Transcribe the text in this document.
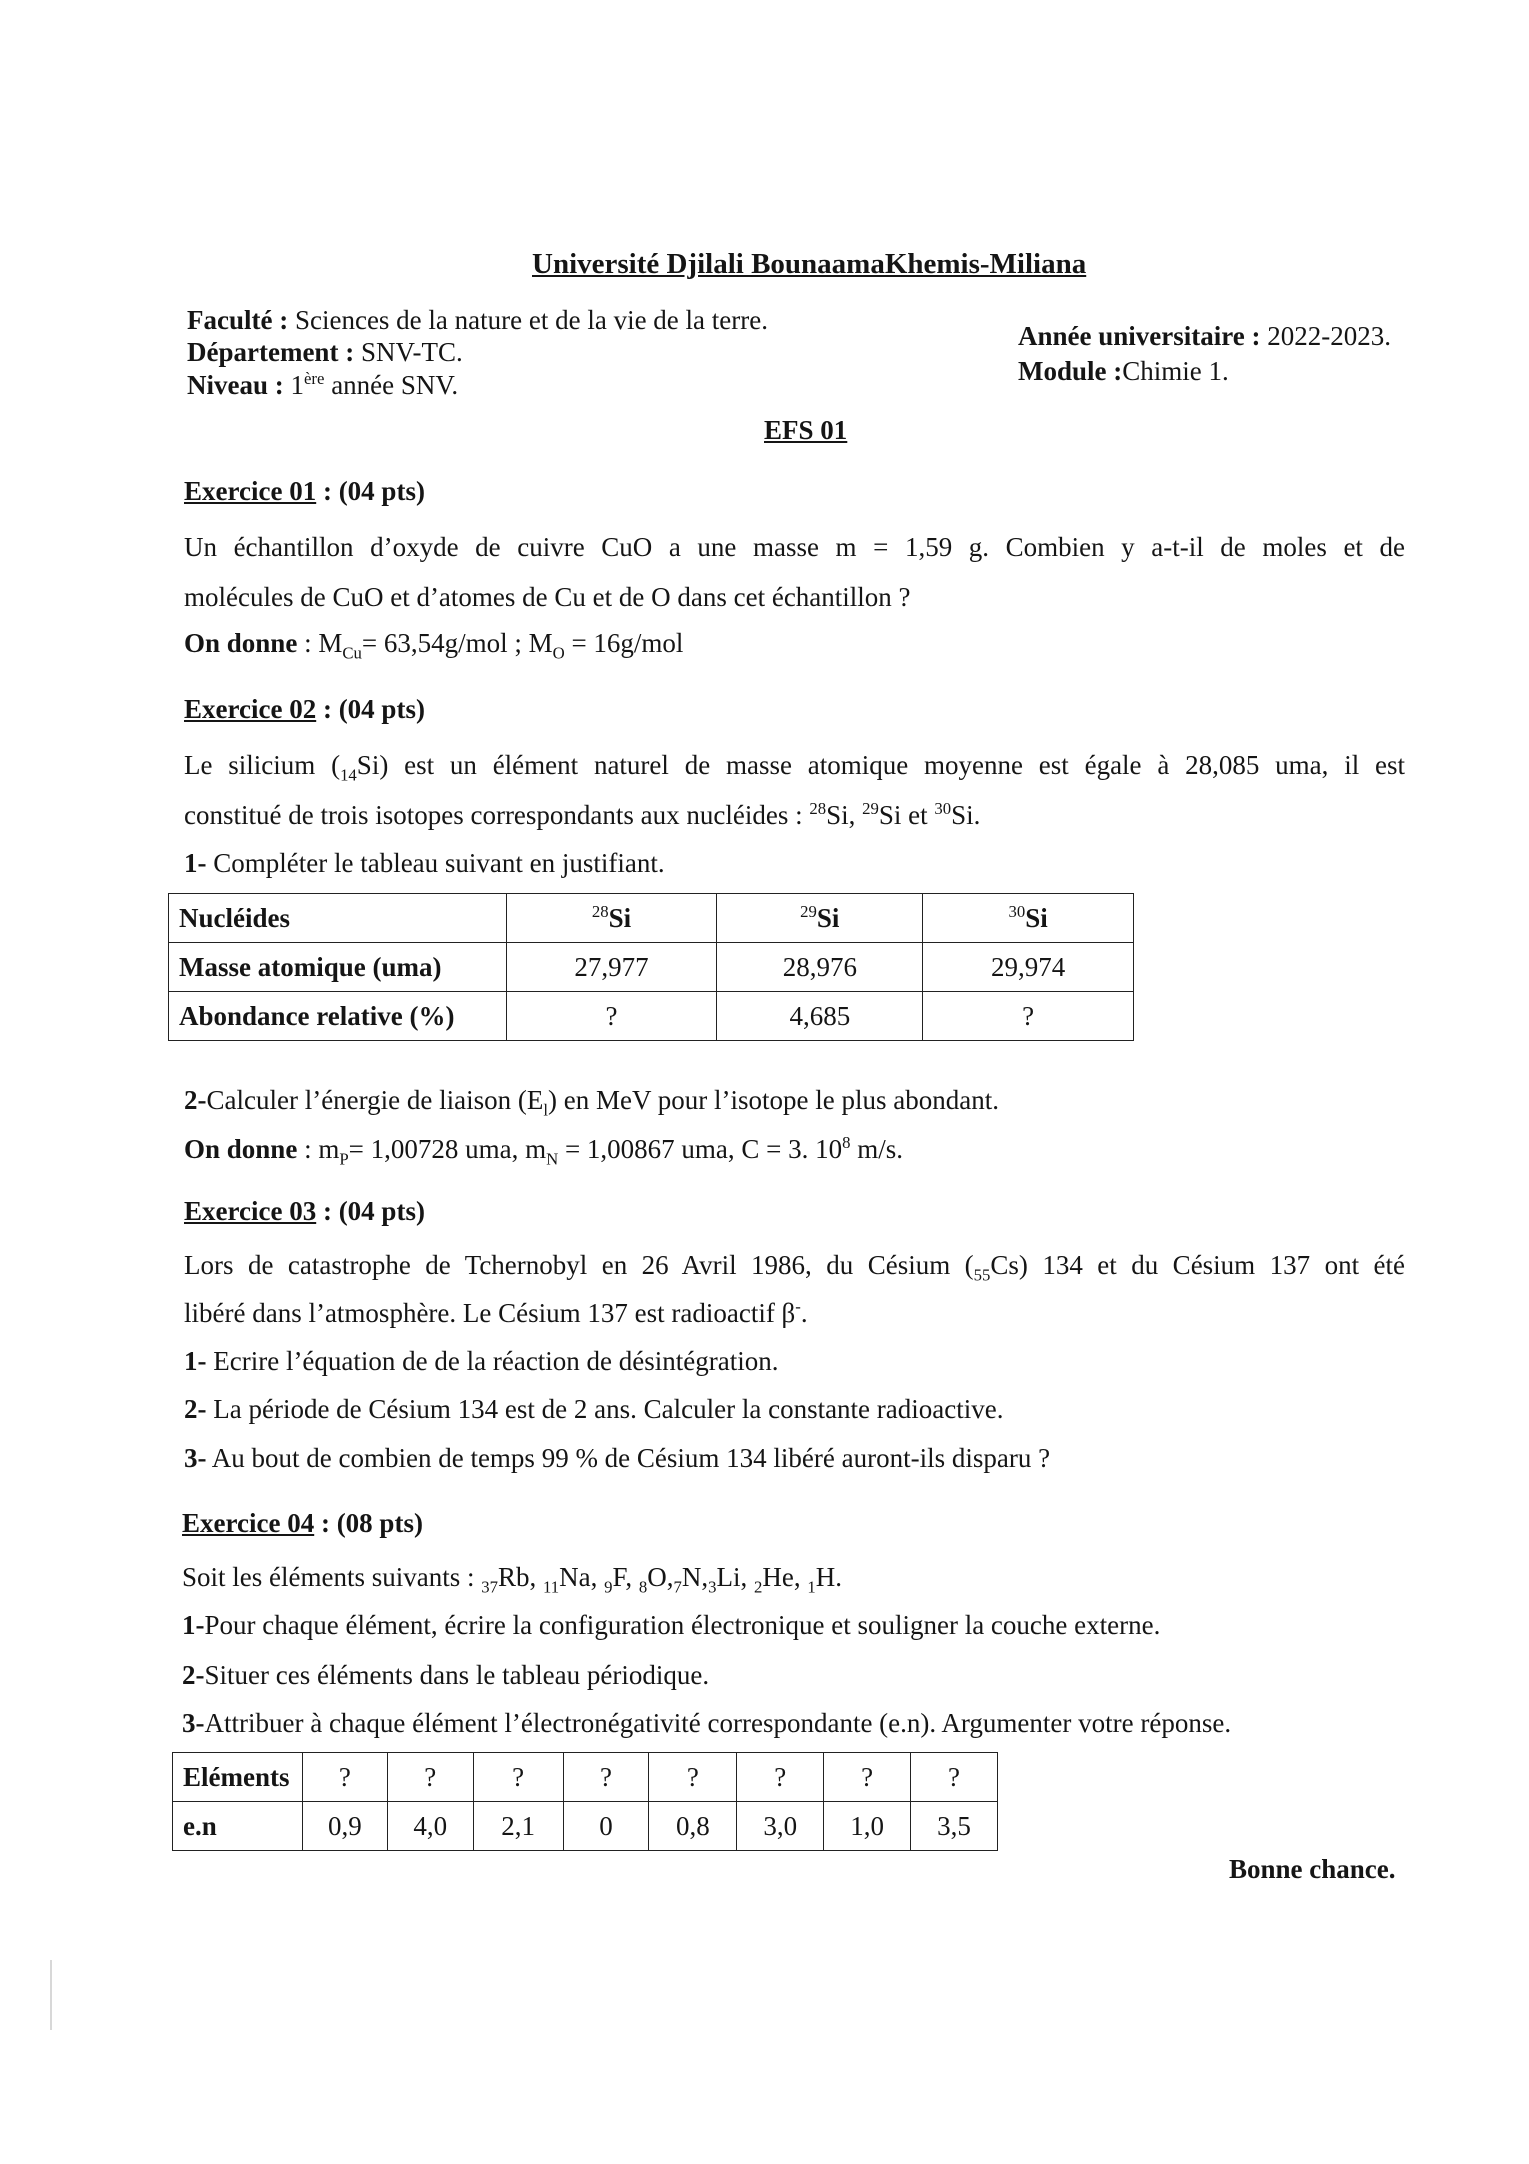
Université Djilali BounaamaKhemis-Miliana
Faculté : Sciences de la nature et de la vie de la terre.
Département : SNV-TC.
Niveau : 1ère année SNV.
Année universitaire : 2022-2023.
Module :Chimie 1.
EFS 01
Exercice 01 : (04 pts)
Un échantillon d’oxyde de cuivre CuO a une masse m = 1,59 g. Combien y a-t-il de moles et de
molécules de CuO et d’atomes de Cu et de O dans cet échantillon ?
On donne : $M_{Cu}= 63,54g/mol$ ; $M_O = 16g/mol$
Exercice 02 : (04 pts)
Le silicium $(_{14}Si)$ est un élément naturel de masse atomique moyenne est égale à 28,085 uma, il est
constitué de trois isotopes correspondants aux nucléides : $^{28}$Si, $^{29}$Si et $^{30}$Si.
1- Compléter le tableau suivant en justifiant.
Nucléides	$^{28}$Si	$^{29}$Si	$^{30}$Si
Masse atomique (uma)	27,977	28,976	29,974
Abondance relative (%)	?	4,685	?
2-Calculer l’énergie de liaison $(E_l)$ en MeV pour l’isotope le plus abondant.
On donne : $m_P= 1,00728$ uma, $m_N = 1,00867$ uma, C = 3. $10^8$ m/s.
Exercice 03 : (04 pts)
Lors de catastrophe de Tchernobyl en 26 Avril 1986, du Césium $(_{55}Cs)$ 134 et du Césium 137 ont été
libéré dans l’atmosphère. Le Césium 137 est radioactif β-.
1- Ecrire l’équation de de la réaction de désintégration.
2- La période de Césium 134 est de 2 ans. Calculer la constante radioactive.
3- Au bout de combien de temps 99 % de Césium 134 libéré auront-ils disparu ?
Exercice 04 : (08 pts)
Soit les éléments suivants : $_{37}$Rb, $_{11}$Na, $_9$F, $_8O,_7N,_3Li$, $_2$He, $_1$H.
1-Pour chaque élément, écrire la configuration électronique et souligner la couche externe.
2-Situer ces éléments dans le tableau périodique.
3-Attribuer à chaque élément l’électronégativité correspondante (e.n). Argumenter votre réponse.
Eléments	?	?	?	?	?	?	?	?
e.n	0,9	4,0	2,1	0	0,8	3,0	1,0	3,5
Bonne chance.
